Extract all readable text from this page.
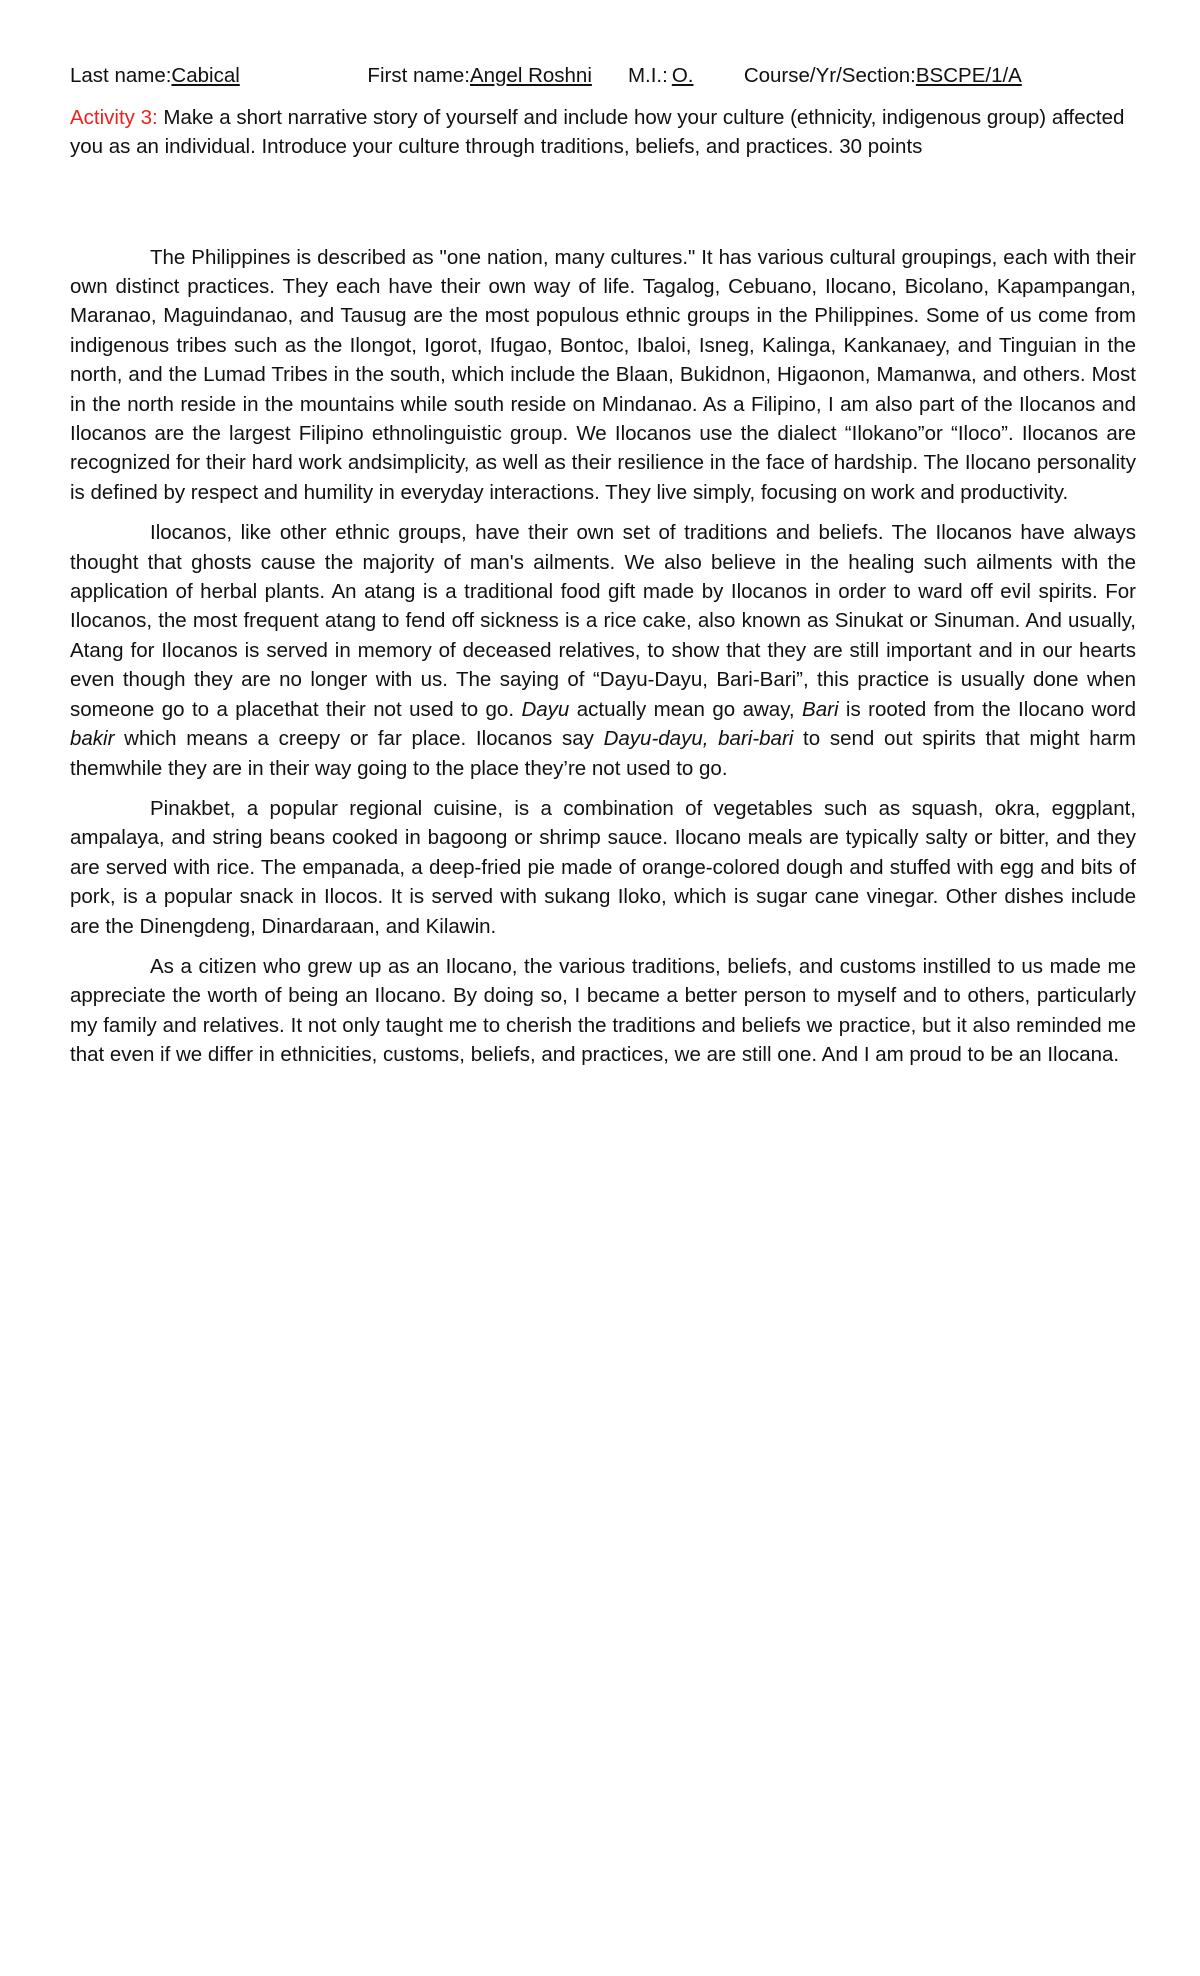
Last name: Cabical	First name: Angel Roshni	M.I.: O.	Course/Yr/Section: BSCPE/1/A
Activity 3: Make a short narrative story of yourself and include how your culture (ethnicity, indigenous group) affected you as an individual. Introduce your culture through traditions, beliefs, and practices. 30 points

The Philippines is described as "one nation, many cultures." It has various cultural groupings, each with their own distinct practices. They each have their own way of life. Tagalog, Cebuano, Ilocano, Bicolano, Kapampangan, Maranao, Maguindanao, and Tausug are the most populous ethnic groups in the Philippines. Some of us come from indigenous tribes such as the Ilongot, Igorot, Ifugao, Bontoc, Ibaloi, Isneg, Kalinga, Kankanaey, and Tinguian in the north, and the Lumad Tribes in the south, which include the Blaan, Bukidnon, Higaonon, Mamanwa, and others. Most in the north reside in the mountains while south reside on Mindanao. As a Filipino, I am also part of the Ilocanos and Ilocanos are the largest Filipino ethnolinguistic group. We Ilocanos use the dialect “Ilokano”or “Iloco”. Ilocanos are recognized for their hard work andsimplicity, as well as their resilience in the face of hardship. The Ilocano personality is defined by respect and humility in everyday interactions. They live simply, focusing on work and productivity.

Ilocanos, like other ethnic groups, have their own set of traditions and beliefs. The Ilocanos have always thought that ghosts cause the majority of man's ailments. We also believe in the healing such ailments with the application of herbal plants. An atang is a traditional food gift made by Ilocanos in order to ward off evil spirits. For Ilocanos, the most frequent atang to fend off sickness is a rice cake, also known as Sinukat or Sinuman. And usually, Atang for Ilocanos is served in memory of deceased relatives, to show that they are still important and in our hearts even though they are no longer with us. The saying of “Dayu-Dayu, Bari-Bari”, this practice is usually done when someone go to a placethat their not used to go. Dayu actually mean go away, Bari is rooted from the Ilocano word bakir which means a creepy or far place. Ilocanos say Dayu-dayu, bari-bari to send out spirits that might harm themwhile they are in their way going to the place they’re not used to go.

Pinakbet, a popular regional cuisine, is a combination of vegetables such as squash, okra, eggplant, ampalaya, and string beans cooked in bagoong or shrimp sauce. Ilocano meals are typically salty or bitter, and they are served with rice. The empanada, a deep-fried pie made of orange-colored dough and stuffed with egg and bits of pork, is a popular snack in Ilocos. It is served with sukang Iloko, which is sugar cane vinegar. Other dishes include are the Dinengdeng, Dinardaraan, and Kilawin.

As a citizen who grew up as an Ilocano, the various traditions, beliefs, and customs instilled to us made me appreciate the worth of being an Ilocano. By doing so, I became a better person to myself and to others, particularly my family and relatives. It not only taught me to cherish the traditions and beliefs we practice, but it also reminded me that even if we differ in ethnicities, customs, beliefs, and practices, we are still one. And I am proud to be an Ilocana.
